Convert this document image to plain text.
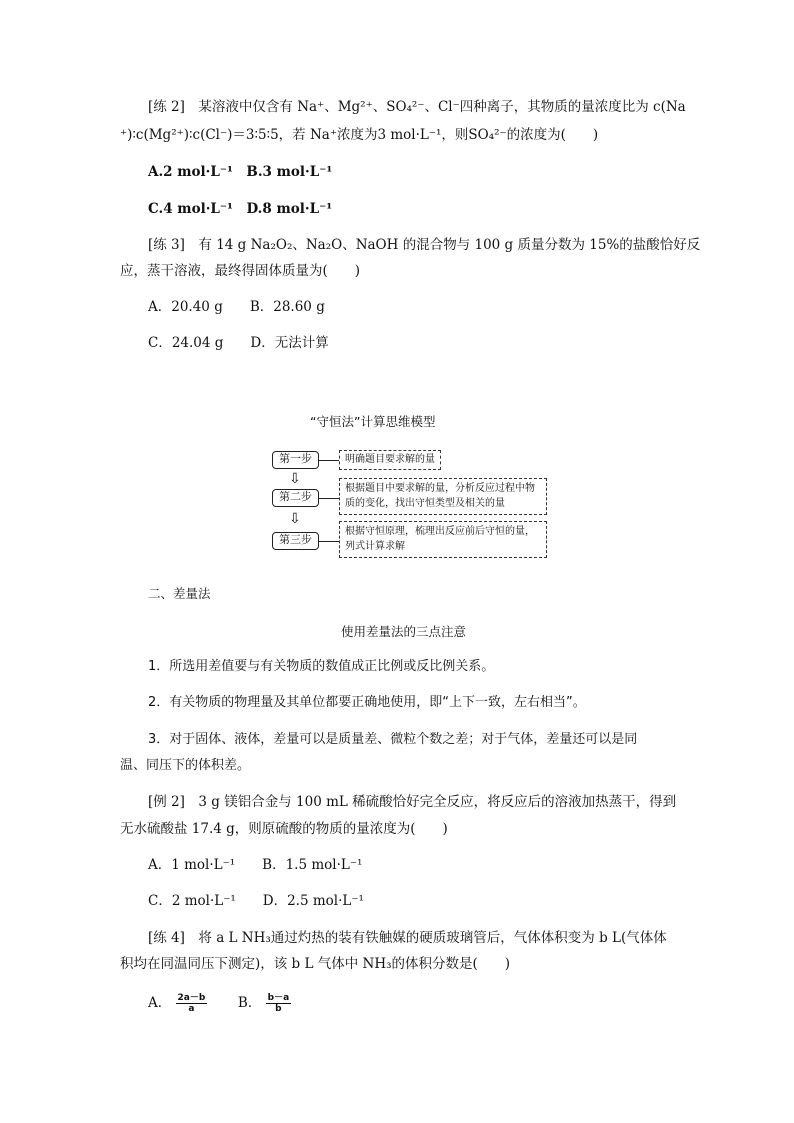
[练 2]　某溶液中仅含有 Na⁺、Mg²⁺、SO₄²⁻、Cl⁻四种离子，其物质的量浓度比为 c(Na

⁺)∶c(Mg²⁺)∶c(Cl⁻)＝3∶5∶5，若 Na⁺浓度为3 mol·L⁻¹，则SO₄²⁻的浓度为(　　)

A.2 mol·L⁻¹　B.3 mol·L⁻¹

C.4 mol·L⁻¹　D.8 mol·L⁻¹

[练 3]　有 14 g Na₂O₂、Na₂O、NaOH 的混合物与 100 g 质量分数为 15%的盐酸恰好反

应，蒸干溶液，最终得固体质量为(　　)

A．20.40 g　　B．28.60 g

C．24.04 g　　D．无法计算

“守恒法”计算思维模型

第一步	明确题目要求解的量
⇩
第二步
根据题目中要求解的量，分析反应过程中物质的变化，找出守恒类型及相关的量
⇩
第三步
根据守恒原理，梳理出反应前后守恒的量，列式计算求解

二、差量法

使用差量法的三点注意

1．所选用差值要与有关物质的数值成正比例或反比例关系。

2．有关物质的物理量及其单位都要正确地使用，即“上下一致，左右相当”。

3．对于固体、液体，差量可以是质量差、微粒个数之差；对于气体，差量还可以是同

温、同压下的体积差。

[例 2]　3 g 镁铝合金与 100 mL 稀硫酸恰好完全反应，将反应后的溶液加热蒸干，得到

无水硫酸盐 17.4 g，则原硫酸的物质的量浓度为(　　)

A．1 mol·L⁻¹　　B．1.5 mol·L⁻¹

C．2 mol·L⁻¹　　D．2.5 mol·L⁻¹

[练 4]　将 a L NH₃通过灼热的装有铁触媒的硬质玻璃管后，气体体积变为 b L(气体体

积均在同温同压下测定)，该 b L 气体中 NH₃的体积分数是(　　)

A． $\frac{2a-b}{a}$ B． $\frac{b-a}{b}$
